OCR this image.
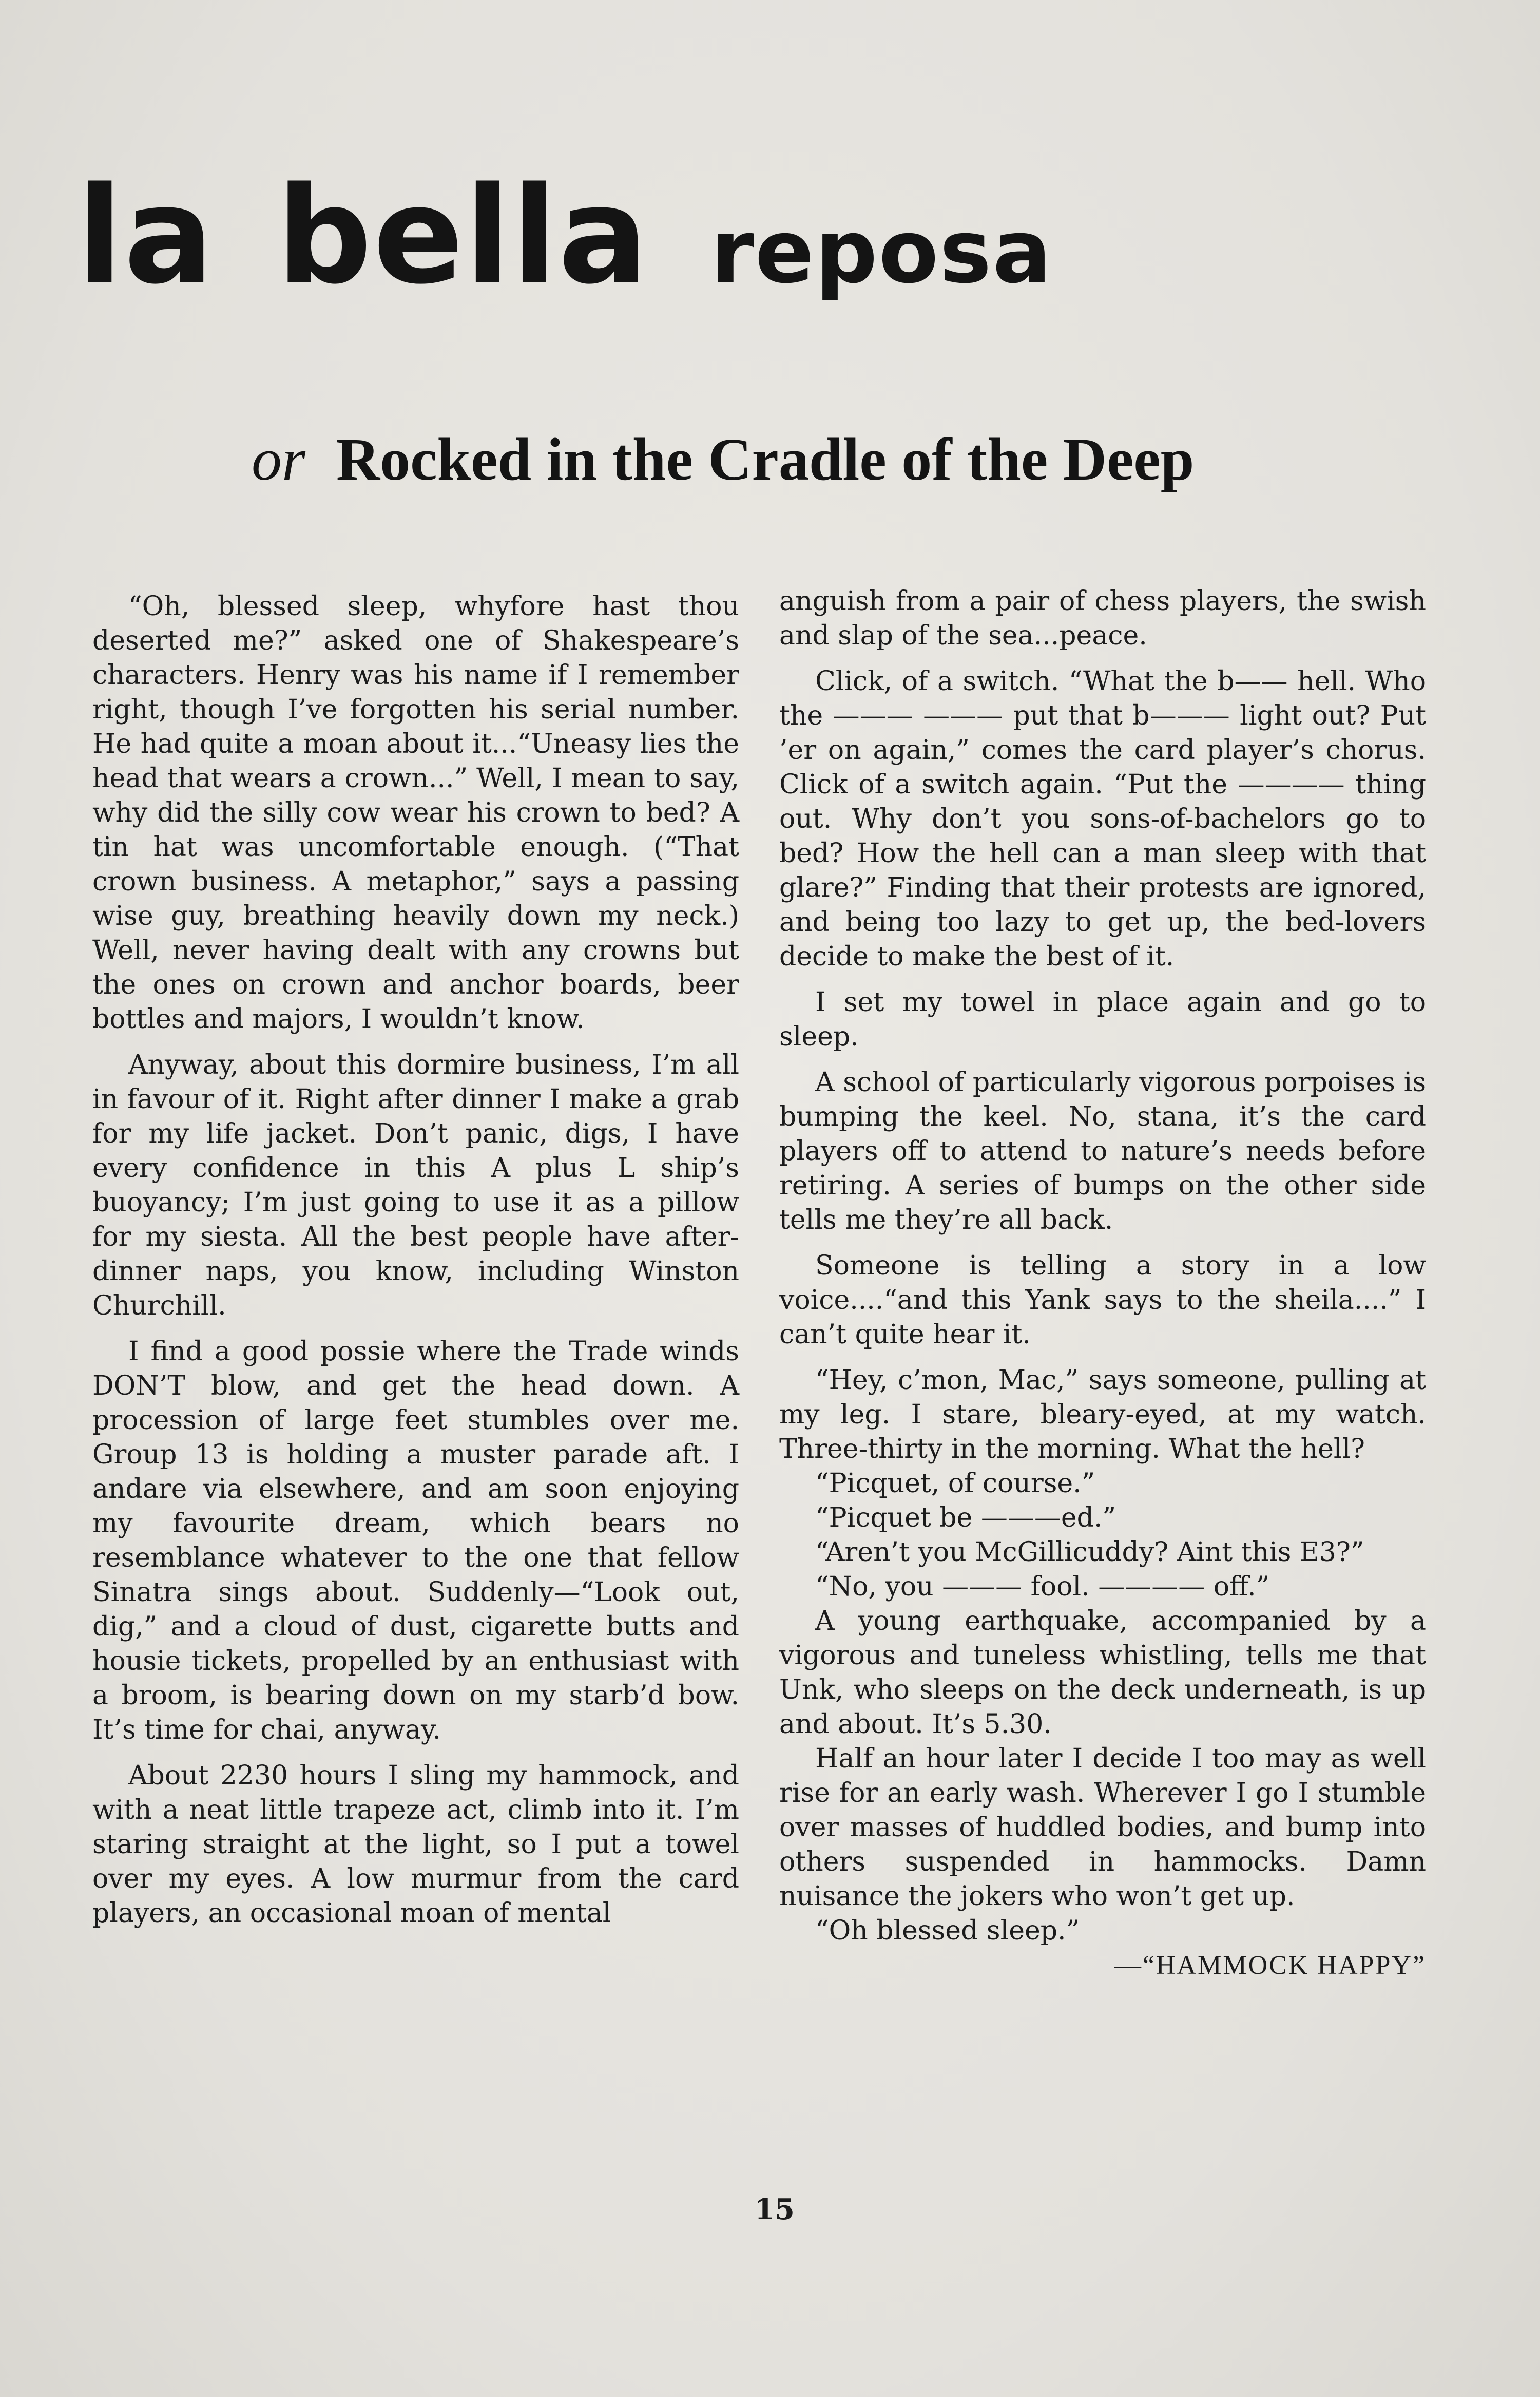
la bella reposa
or Rocked in the Cradle of the Deep

“Oh, blessed sleep, whyfore hast thou deserted me?” asked one of Shakespeare’s characters. Henry was his name if I remember right, though I’ve forgotten his serial number. He had quite a moan about it...“Uneasy lies the head that wears a crown...” Well, I mean to say, why did the silly cow wear his crown to bed? A tin hat was uncomfortable enough. (“That crown business. A metaphor,” says a passing wise guy, breathing heavily down my neck.) Well, never having dealt with any crowns but the ones on crown and anchor boards, beer bottles and majors, I wouldn’t know.

Anyway, about this dormire business, I’m all in favour of it. Right after dinner I make a grab for my life jacket. Don’t panic, digs, I have every confidence in this A plus L ship’s buoyancy; I’m just going to use it as a pillow for my siesta. All the best people have after-dinner naps, you know, including Winston Churchill.

I find a good possie where the Trade winds DON’T blow, and get the head down. A procession of large feet stumbles over me. Group 13 is holding a muster parade aft. I andare via elsewhere, and am soon enjoying my favourite dream, which bears no resemblance whatever to the one that fellow Sinatra sings about. Suddenly—“Look out, dig,” and a cloud of dust, cigarette butts and housie tickets, propelled by an enthusiast with a broom, is bearing down on my starb’d bow. It’s time for chai, anyway.

About 2230 hours I sling my hammock, and with a neat little trapeze act, climb into it. I’m staring straight at the light, so I put a towel over my eyes. A low murmur from the card players, an occasional moan of mental

anguish from a pair of chess players, the swish and slap of the sea...peace.

Click, of a switch. “What the b—— hell. Who the ——— ——— put that b——— light out? Put ’er on again,” comes the card player’s chorus. Click of a switch again. “Put the ———— thing out. Why don’t you sons-of-bachelors go to bed? How the hell can a man sleep with that glare?” Finding that their protests are ignored, and being too lazy to get up, the bed-lovers decide to make the best of it.

I set my towel in place again and go to sleep.

A school of particularly vigorous porpoises is bumping the keel. No, stana, it’s the card players off to attend to nature’s needs before retiring. A series of bumps on the other side tells me they’re all back.

Someone is telling a story in a low voice....“and this Yank says to the sheila....” I can’t quite hear it.

“Hey, c’mon, Mac,” says someone, pulling at my leg. I stare, bleary-eyed, at my watch. Three-thirty in the morning. What the hell?

“Picquet, of course.”

“Picquet be ———ed.”

“Aren’t you McGillicuddy? Aint this E3?”

“No, you ——— fool. ———— off.”

A young earthquake, accompanied by a vigorous and tuneless whistling, tells me that Unk, who sleeps on the deck underneath, is up and about. It’s 5.30.

Half an hour later I decide I too may as well rise for an early wash. Wherever I go I stumble over masses of huddled bodies, and bump into others suspended in hammocks. Damn nuisance the jokers who won’t get up.

“Oh blessed sleep.”

—“HAMMOCK HAPPY”

15
